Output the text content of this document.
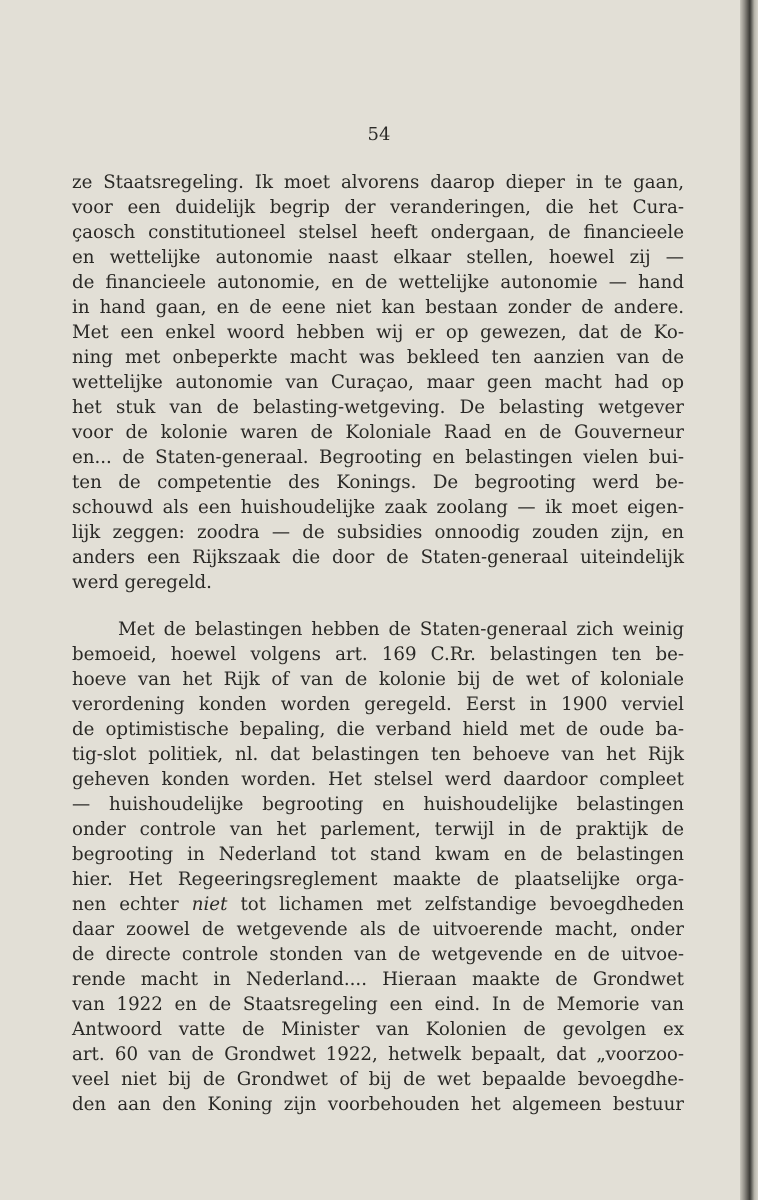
54
ze Staatsregeling. Ik moet alvorens daarop dieper in te gaan,
voor een duidelijk begrip der veranderingen, die het Cura-
çaosch constitutioneel stelsel heeft ondergaan, de financieele
en wettelijke autonomie naast elkaar stellen, hoewel zij —
de financieele autonomie, en de wettelijke autonomie — hand
in hand gaan, en de eene niet kan bestaan zonder de andere.
Met een enkel woord hebben wij er op gewezen, dat de Ko-
ning met onbeperkte macht was bekleed ten aanzien van de
wettelijke autonomie van Curaçao, maar geen macht had op
het stuk van de belasting-wetgeving. De belasting wetgever
voor de kolonie waren de Koloniale Raad en de Gouverneur
en... de Staten-generaal. Begrooting en belastingen vielen bui-
ten de competentie des Konings. De begrooting werd be-
schouwd als een huishoudelijke zaak zoolang — ik moet eigen-
lijk zeggen: zoodra — de subsidies onnoodig zouden zijn, en
anders een Rijkszaak die door de Staten-generaal uiteindelijk
werd geregeld.
Met de belastingen hebben de Staten-generaal zich weinig
bemoeid, hoewel volgens art. 169 C.Rr. belastingen ten be-
hoeve van het Rijk of van de kolonie bij de wet of koloniale
verordening konden worden geregeld. Eerst in 1900 verviel
de optimistische bepaling, die verband hield met de oude ba-
tig-slot politiek, nl. dat belastingen ten behoeve van het Rijk
geheven konden worden. Het stelsel werd daardoor compleet
— huishoudelijke begrooting en huishoudelijke belastingen
onder controle van het parlement, terwijl in de praktijk de
begrooting in Nederland tot stand kwam en de belastingen
hier. Het Regeeringsreglement maakte de plaatselijke orga-
nen echter niet tot lichamen met zelfstandige bevoegdheden
daar zoowel de wetgevende als de uitvoerende macht, onder
de directe controle stonden van de wetgevende en de uitvoe-
rende macht in Nederland.... Hieraan maakte de Grondwet
van 1922 en de Staatsregeling een eind. In de Memorie van
Antwoord vatte de Minister van Kolonien de gevolgen ex
art. 60 van de Grondwet 1922, hetwelk bepaalt, dat „voorzoo-
veel niet bij de Grondwet of bij de wet bepaalde bevoegdhe-
den aan den Koning zijn voorbehouden het algemeen bestuur
